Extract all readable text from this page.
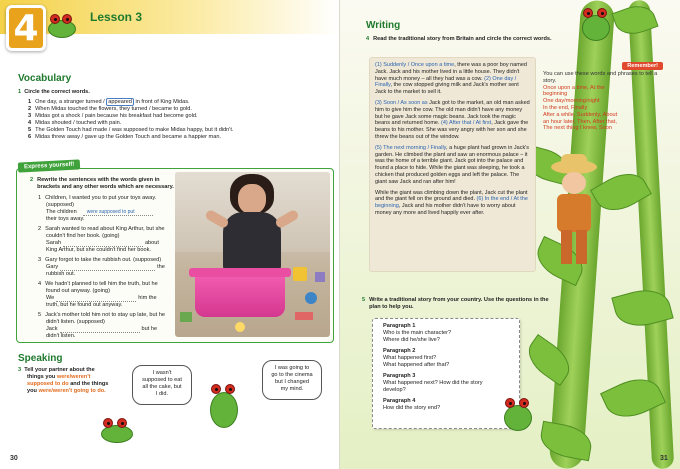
4	Lesson 3
Vocabulary
1 Circle the correct words.
1 One day, a stranger turned / appeared in front of King Midas.
2 When Midas touched the flowers, they turned / became to gold.
3 Midas got a shock / pain because his breakfast had become gold.
4 Midas shouted / touched with pain.
5 The Golden Touch had made / was supposed to make Midas happy, but it didn't.
6 Midas threw away / gave up the Golden Touch and became a happier man.
Express yourself!
2 Rewrite the sentences with the words given in brackets and any other words which are necessary.
1 Children, I wanted you to put your toys away.
(supposed)
The children were supposed to put
their toys away.
2 Sarah wanted to read about King Arthur, but she
couldn't find her book. (going)
Sarah	about
King Arthur, but she couldn't find her book.
3 Gary forgot to take the rubbish out. (supposed)
Gary	the
rubbish out.
4 We hadn't planned to tell him the truth, but he
found out anyway. (going)
We	him the
truth, but he found out anyway.
5 Jack's mother told him not to stay up late, but he
didn't listen. (supposed)
Jack	but he
didn't listen.
Speaking
3 Tell your partner about the
things you were/weren't
supposed to do and the things
you were/weren't going to do.
I wasn't
supposed to eat
all the cake, but
I did.
I was going to
go to the cinema
but I changed
my mind.
30
Writing
4 Read the traditional story from Britain and circle the correct words.

(1) Suddenly / Once upon a time, there was a poor boy named Jack. Jack and his mother lived in a little house. They didn't have much money – all they had was a cow. (2) One day / Finally, the cow stopped giving milk and Jack's mother sent Jack to the market to sell it.

(3) Soon / As soon as Jack got to the market, an old man asked him to give him the cow. The old man didn't have any money but he gave Jack some magic beans. Jack took the magic beans and returned home. (4) After that / At first, Jack gave the beans to his mother. She was very angry with her son and she threw the beans out of the window.

(5) The next morning / Finally, a huge plant had grown in Jack's garden. He climbed the plant and saw an enormous palace – it was the home of a terrible giant. Jack got into the palace and found a place to hide. While the giant was sleeping, he took a chicken that produced golden eggs and left the palace. The giant saw Jack and ran after him!

While the giant was climbing down the plant, Jack cut the plant and the giant fell on the ground and died. (6) In the end / At the beginning, Jack and his mother didn't have to worry about money any more and lived happily ever after.

Remember!
You can use these words and phrases to tell a story.
Once upon a time, At the
beginning
One day/morning/night
In the end, Finally
After a while, Suddenly, About
an hour later, Then, After that,
The next thing I knew, Soon
5 Write a traditional story from your country. Use the questions in the plan to help you.
Paragraph 1
Who is the main character?
Where did he/she live?
Paragraph 2
What happened first?
What happened after that?
Paragraph 3
What happened next? How did the story
develop?
Paragraph 4
How did the story end?
31
